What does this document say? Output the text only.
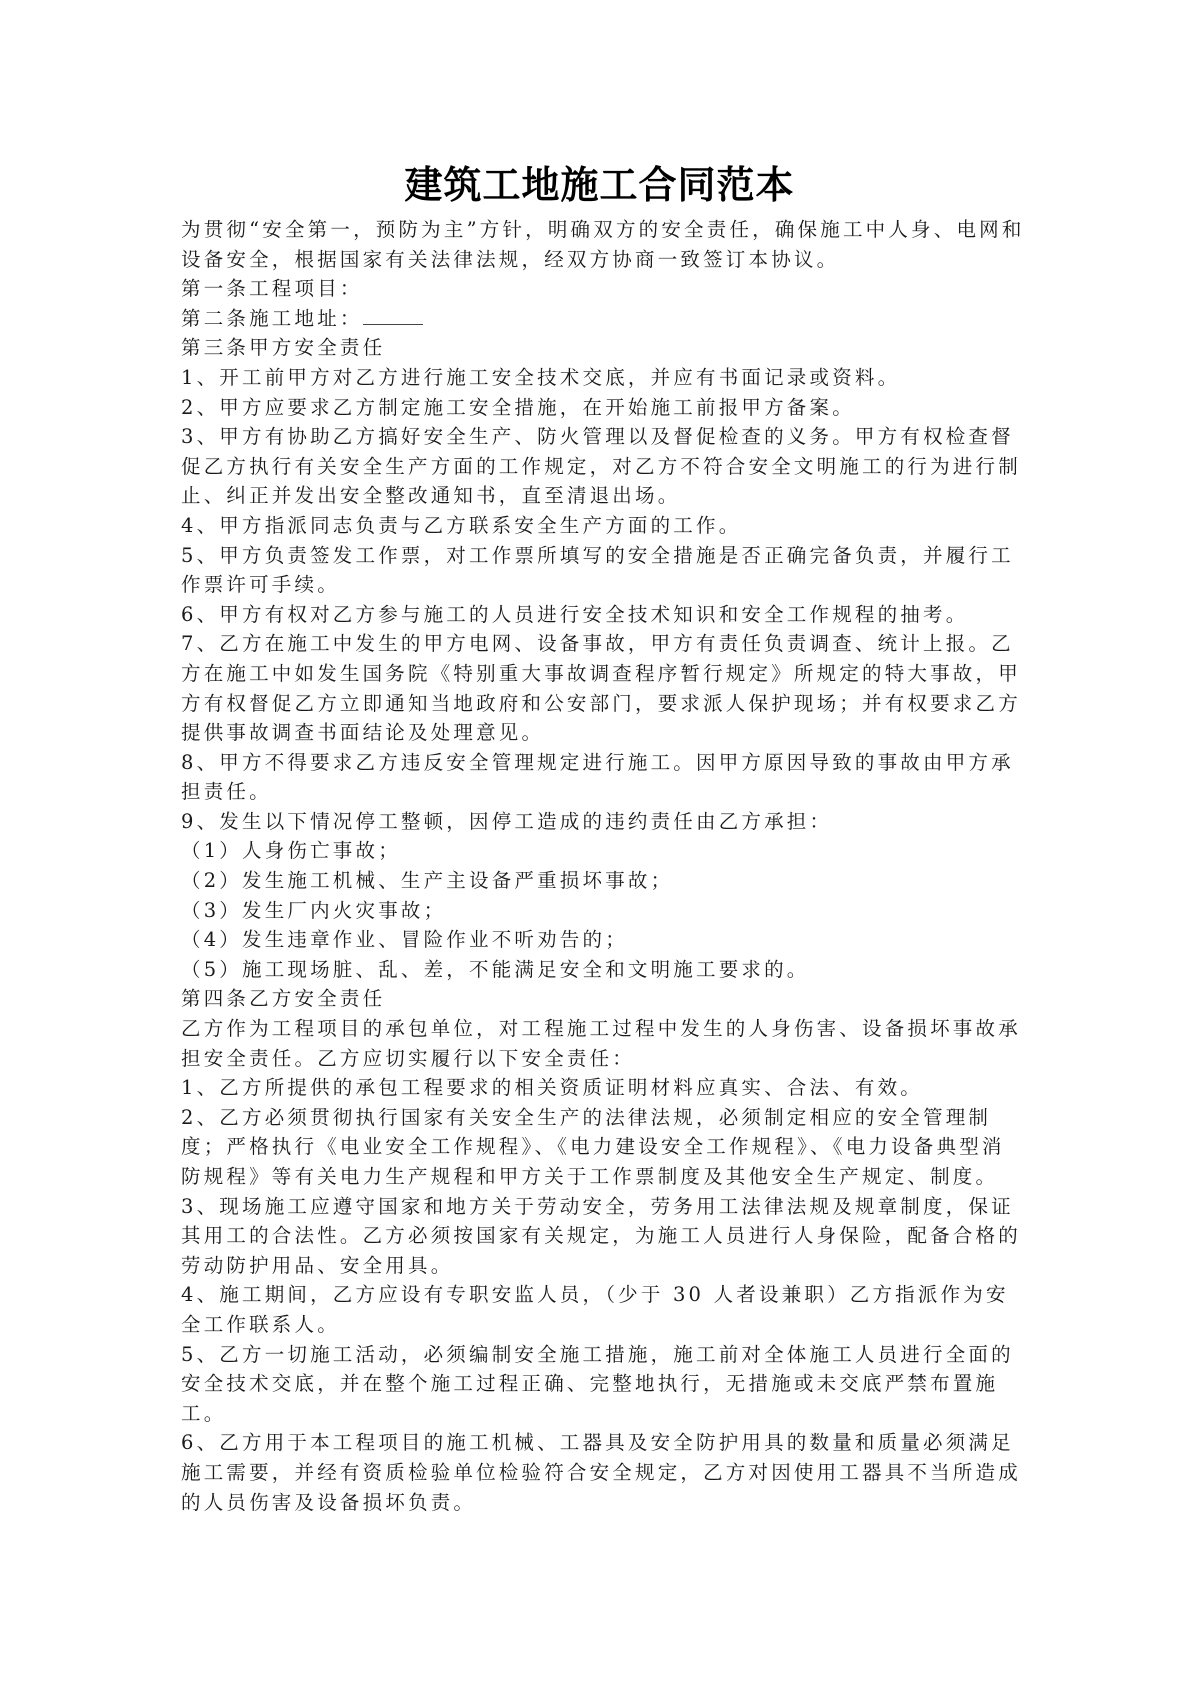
建筑工地施工合同范本

为贯彻“安全第一，预防为主”方针，明确双方的安全责任，确保施工中人身、电网和设备安全，根据国家有关法律法规，经双方协商一致签订本协议。

第一条工程项目：

第二条施工地址：

第三条甲方安全责任

1、开工前甲方对乙方进行施工安全技术交底，并应有书面记录或资料。

2、甲方应要求乙方制定施工安全措施，在开始施工前报甲方备案。

3、甲方有协助乙方搞好安全生产、防火管理以及督促检查的义务。甲方有权检查督促乙方执行有关安全生产方面的工作规定，对乙方不符合安全文明施工的行为进行制止、纠正并发出安全整改通知书，直至清退出场。

4、甲方指派同志负责与乙方联系安全生产方面的工作。

5、甲方负责签发工作票，对工作票所填写的安全措施是否正确完备负责，并履行工作票许可手续。

6、甲方有权对乙方参与施工的人员进行安全技术知识和安全工作规程的抽考。

7、乙方在施工中发生的甲方电网、设备事故，甲方有责任负责调查、统计上报。乙方在施工中如发生国务院《特别重大事故调查程序暂行规定》所规定的特大事故，甲方有权督促乙方立即通知当地政府和公安部门，要求派人保护现场；并有权要求乙方提供事故调查书面结论及处理意见。

8、甲方不得要求乙方违反安全管理规定进行施工。因甲方原因导致的事故由甲方承担责任。

9、发生以下情况停工整顿，因停工造成的违约责任由乙方承担：

（1）人身伤亡事故；

（2）发生施工机械、生产主设备严重损坏事故；

（3）发生厂内火灾事故；

（4）发生违章作业、冒险作业不听劝告的；

（5）施工现场脏、乱、差，不能满足安全和文明施工要求的。

第四条乙方安全责任

乙方作为工程项目的承包单位，对工程施工过程中发生的人身伤害、设备损坏事故承担安全责任。乙方应切实履行以下安全责任：

1、乙方所提供的承包工程要求的相关资质证明材料应真实、合法、有效。

2、乙方必须贯彻执行国家有关安全生产的法律法规，必须制定相应的安全管理制度；严格执行《电业安全工作规程》、《电力建设安全工作规程》、《电力设备典型消防规程》等有关电力生产规程和甲方关于工作票制度及其他安全生产规定、制度。

3、现场施工应遵守国家和地方关于劳动安全，劳务用工法律法规及规章制度，保证其用工的合法性。乙方必须按国家有关规定，为施工人员进行人身保险，配备合格的劳动防护用品、安全用具。

4、施工期间，乙方应设有专职安监人员，（少于 30 人者设兼职）乙方指派作为安全工作联系人。

5、乙方一切施工活动，必须编制安全施工措施，施工前对全体施工人员进行全面的安全技术交底，并在整个施工过程正确、完整地执行，无措施或未交底严禁布置施工。

6、乙方用于本工程项目的施工机械、工器具及安全防护用具的数量和质量必须满足施工需要，并经有资质检验单位检验符合安全规定，乙方对因使用工器具不当所造成的人员伤害及设备损坏负责。
